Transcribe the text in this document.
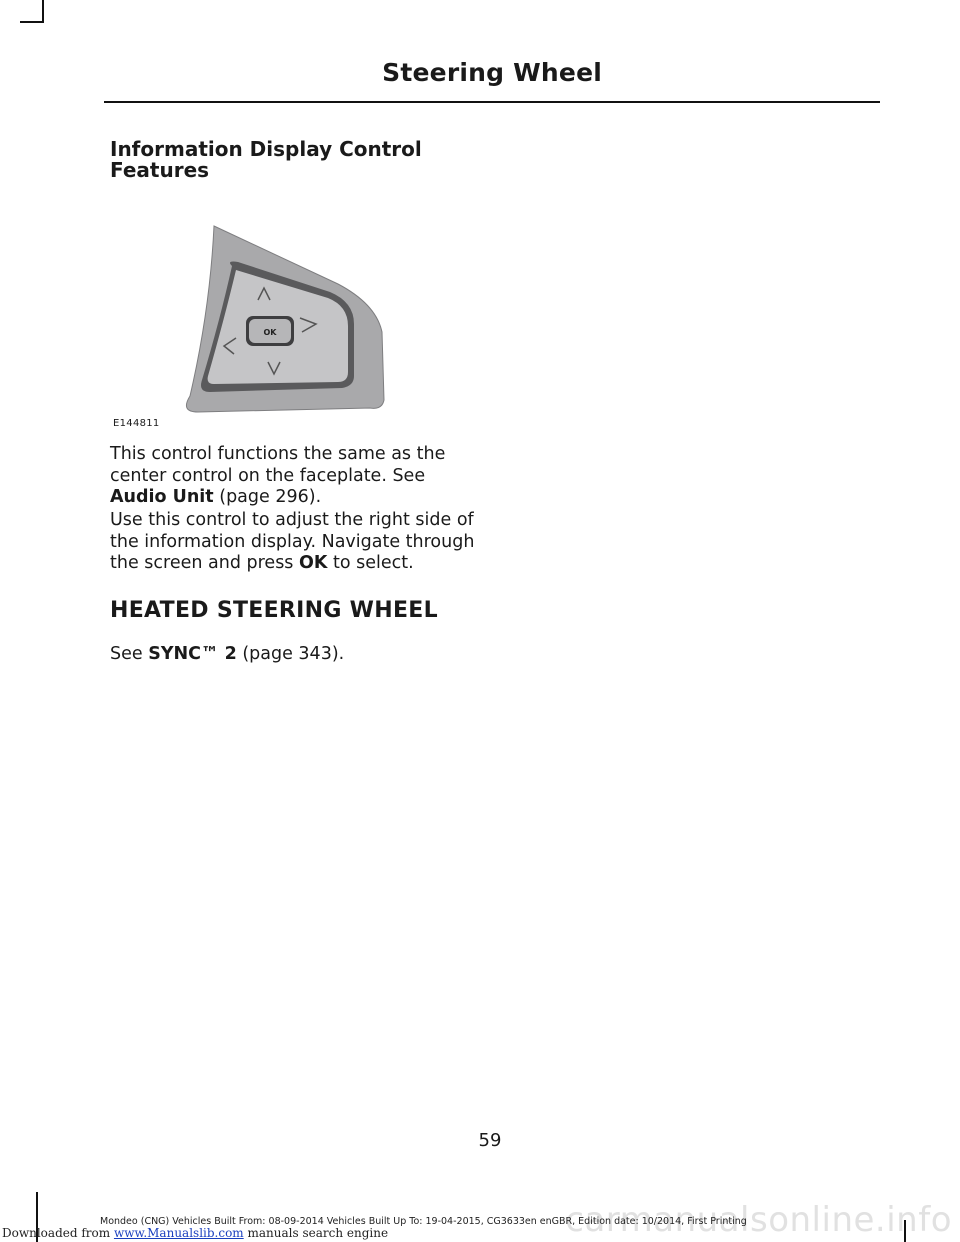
Steering Wheel
Information Display Control Features
OK
E144811

This control functions the same as the center control on the faceplate. See Audio Unit (page 296).

Use this control to adjust the right side of the information display. Navigate through the screen and press OK to select.

HEATED STEERING WHEEL

See SYNC™ 2 (page 343).

59
carmanualsonline.info
Mondeo (CNG) Vehicles Built From: 08-09-2014 Vehicles Built Up To: 19-04-2015, CG3633en enGBR, Edition date: 10/2014, First Printing
Downloaded from www.Manualslib.com manuals search engine
